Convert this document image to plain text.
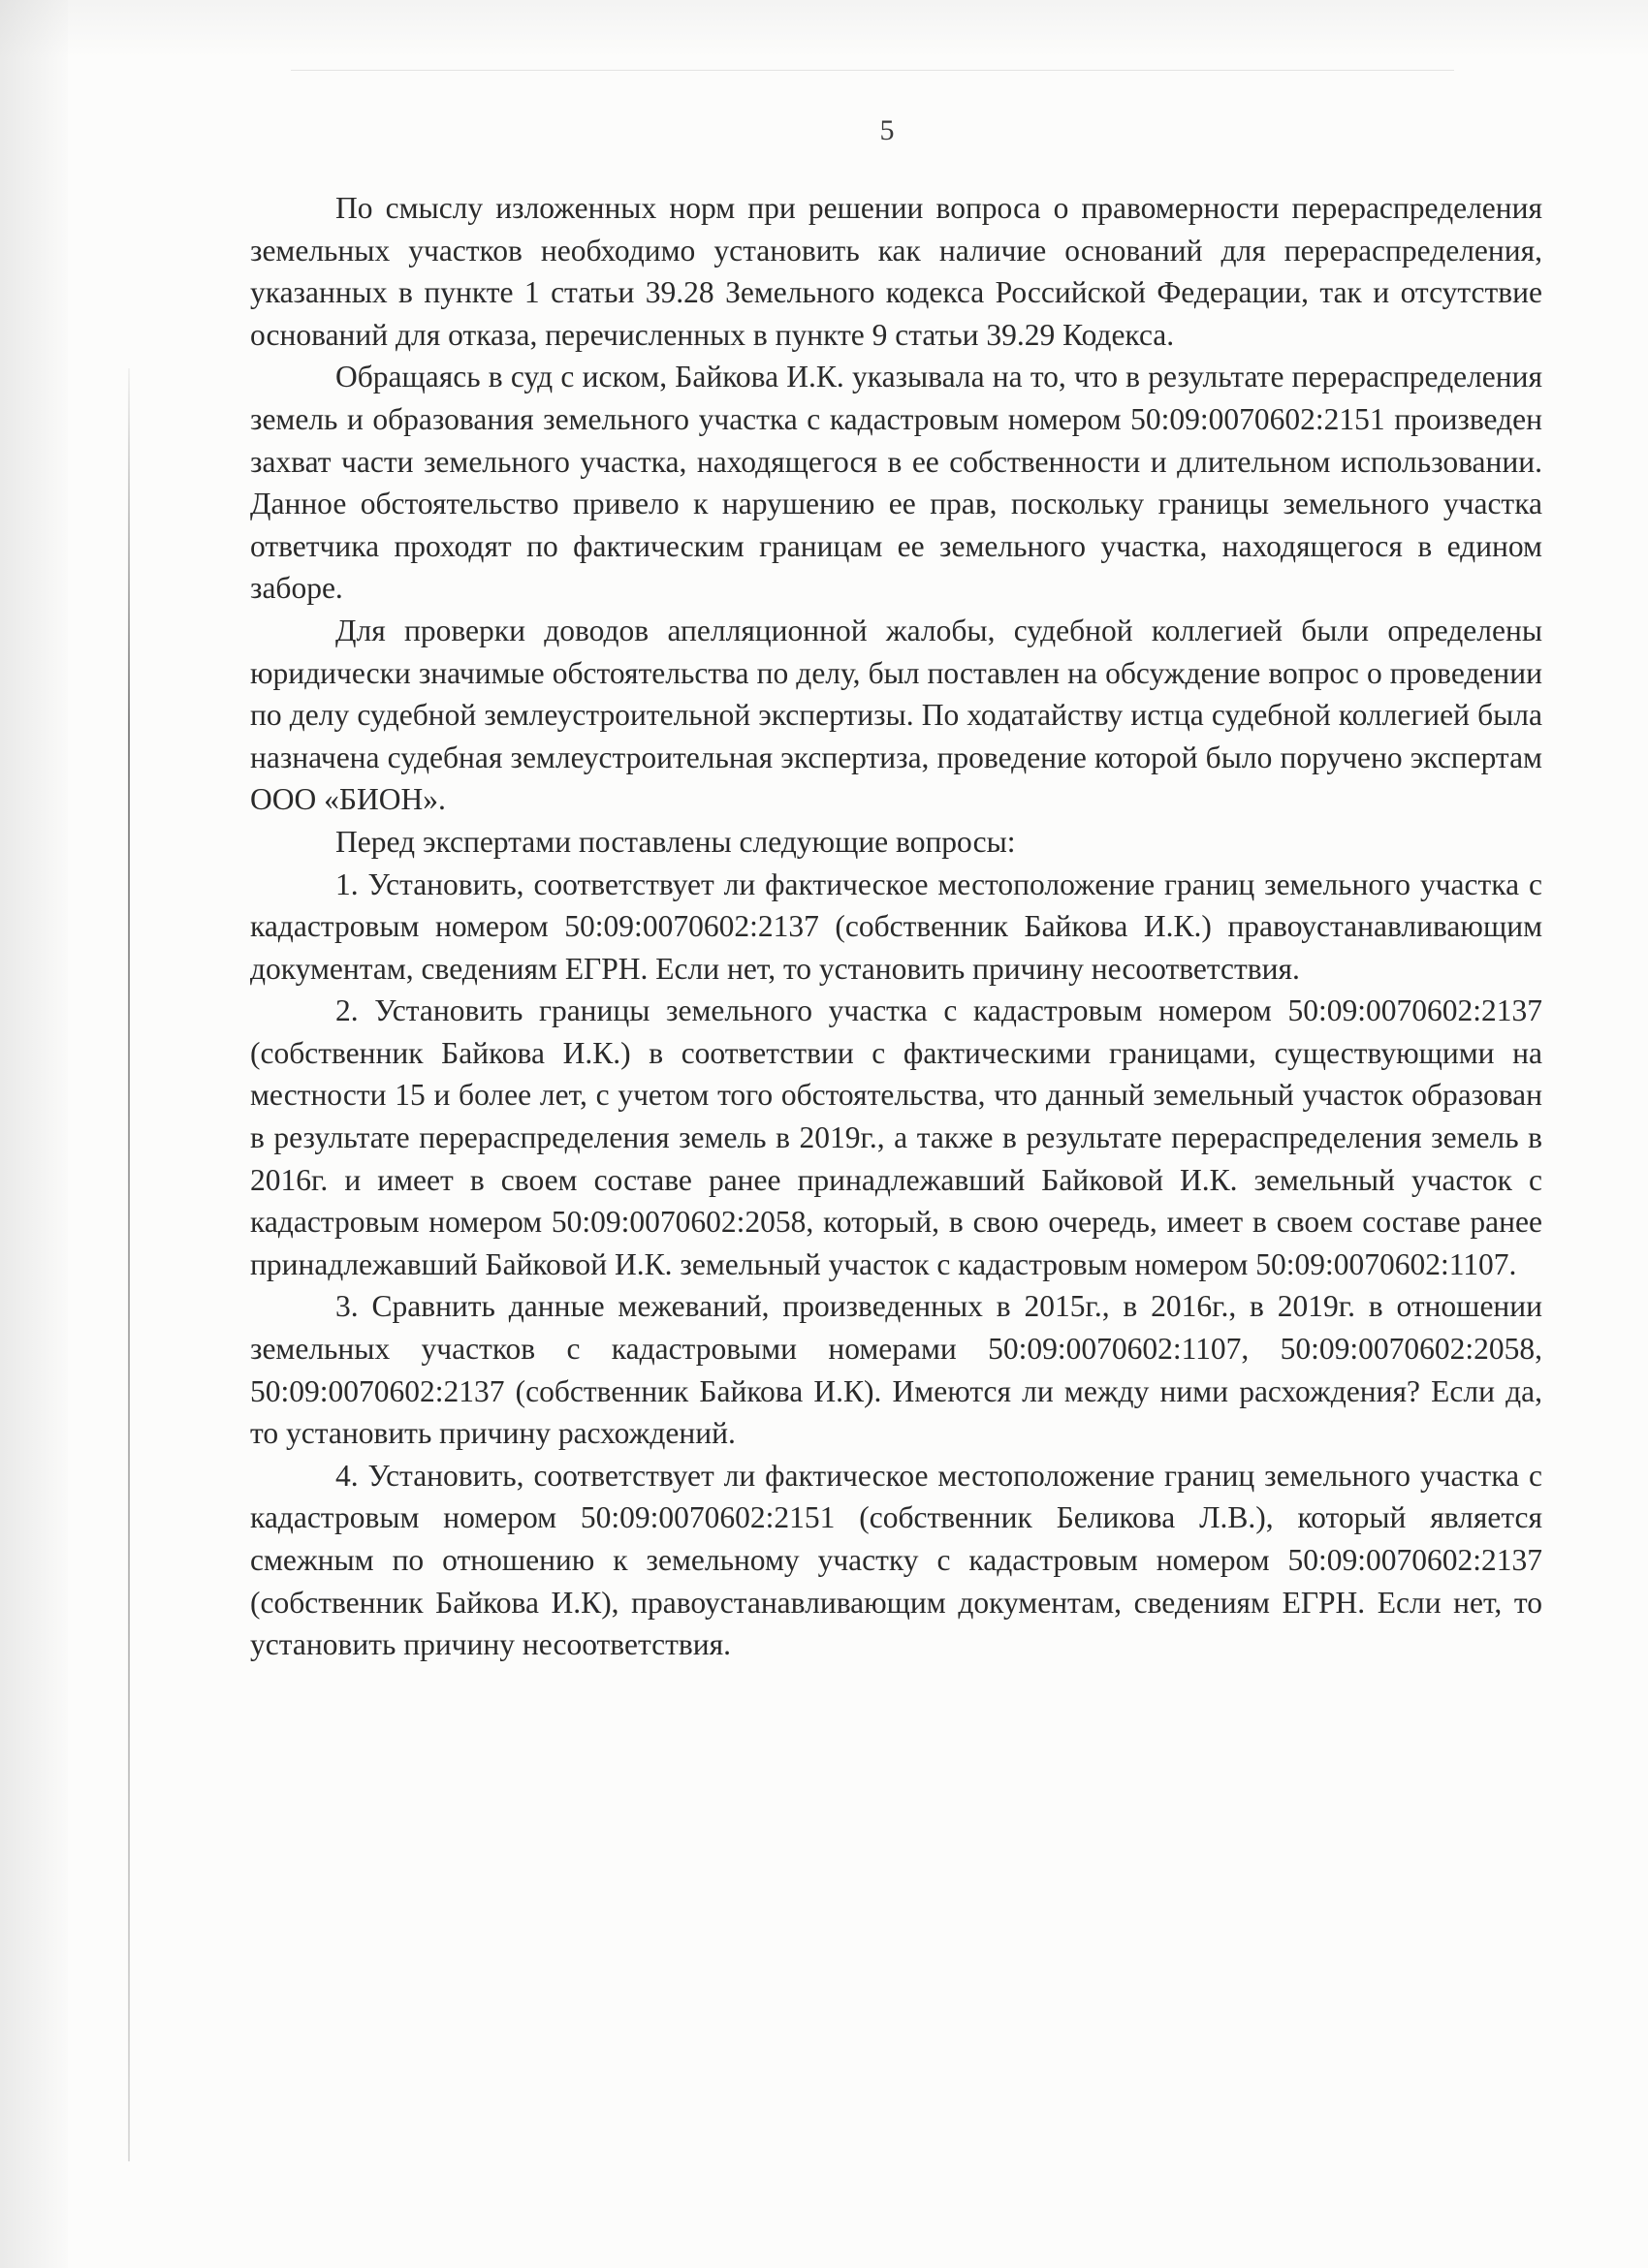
5

По смыслу изложенных норм при решении вопроса о правомерности перераспределения земельных участков необходимо установить как наличие оснований для перераспределения, указанных в пункте 1 статьи 39.28 Земельного кодекса Российской Федерации, так и отсутствие оснований для отказа, перечисленных в пункте 9 статьи 39.29 Кодекса.

Обращаясь в суд с иском, Байкова И.К. указывала на то, что в результате перераспределения земель и образования земельного участка с кадастровым номером 50:09:0070602:2151 произведен захват части земельного участка, находящегося в ее собственности и длительном использовании. Данное обстоятельство привело к нарушению ее прав, поскольку границы земельного участка ответчика проходят по фактическим границам ее земельного участка, находящегося в едином заборе.

Для проверки доводов апелляционной жалобы, судебной коллегией были определены юридически значимые обстоятельства по делу, был поставлен на обсуждение вопрос о проведении по делу судебной землеустроительной экспертизы. По ходатайству истца судебной коллегией была назначена судебная землеустроительная экспертиза, проведение которой было поручено экспертам ООО «БИОН».

Перед экспертами поставлены следующие вопросы:

1. Установить, соответствует ли фактическое местоположение границ земельного участка с кадастровым номером 50:09:0070602:2137 (собственник Байкова И.К.) правоустанавливающим документам, сведениям ЕГРН. Если нет, то установить причину несоответствия.

2. Установить границы земельного участка с кадастровым номером 50:09:0070602:2137 (собственник Байкова И.К.) в соответствии с фактическими границами, существующими на местности 15 и более лет, с учетом того обстоятельства, что данный земельный участок образован в результате перераспределения земель в 2019г., а также в результате перераспределения земель в 2016г. и имеет в своем составе ранее принадлежавший Байковой И.К. земельный участок с кадастровым номером 50:09:0070602:2058, который, в свою очередь, имеет в своем составе ранее принадлежавший Байковой И.К. земельный участок с кадастровым номером 50:09:0070602:1107.

3. Сравнить данные межеваний, произведенных в 2015г., в 2016г., в 2019г. в отношении земельных участков с кадастровыми номерами 50:09:0070602:1107, 50:09:0070602:2058, 50:09:0070602:2137 (собственник Байкова И.К). Имеются ли между ними расхождения? Если да, то установить причину расхождений.

4. Установить, соответствует ли фактическое местоположение границ земельного участка с кадастровым номером 50:09:0070602:2151 (собственник Беликова Л.В.), который является смежным по отношению к земельному участку с кадастровым номером 50:09:0070602:2137 (собственник Байкова И.К), правоустанавливающим документам, сведениям ЕГРН. Если нет, то установить причину несоответствия.
